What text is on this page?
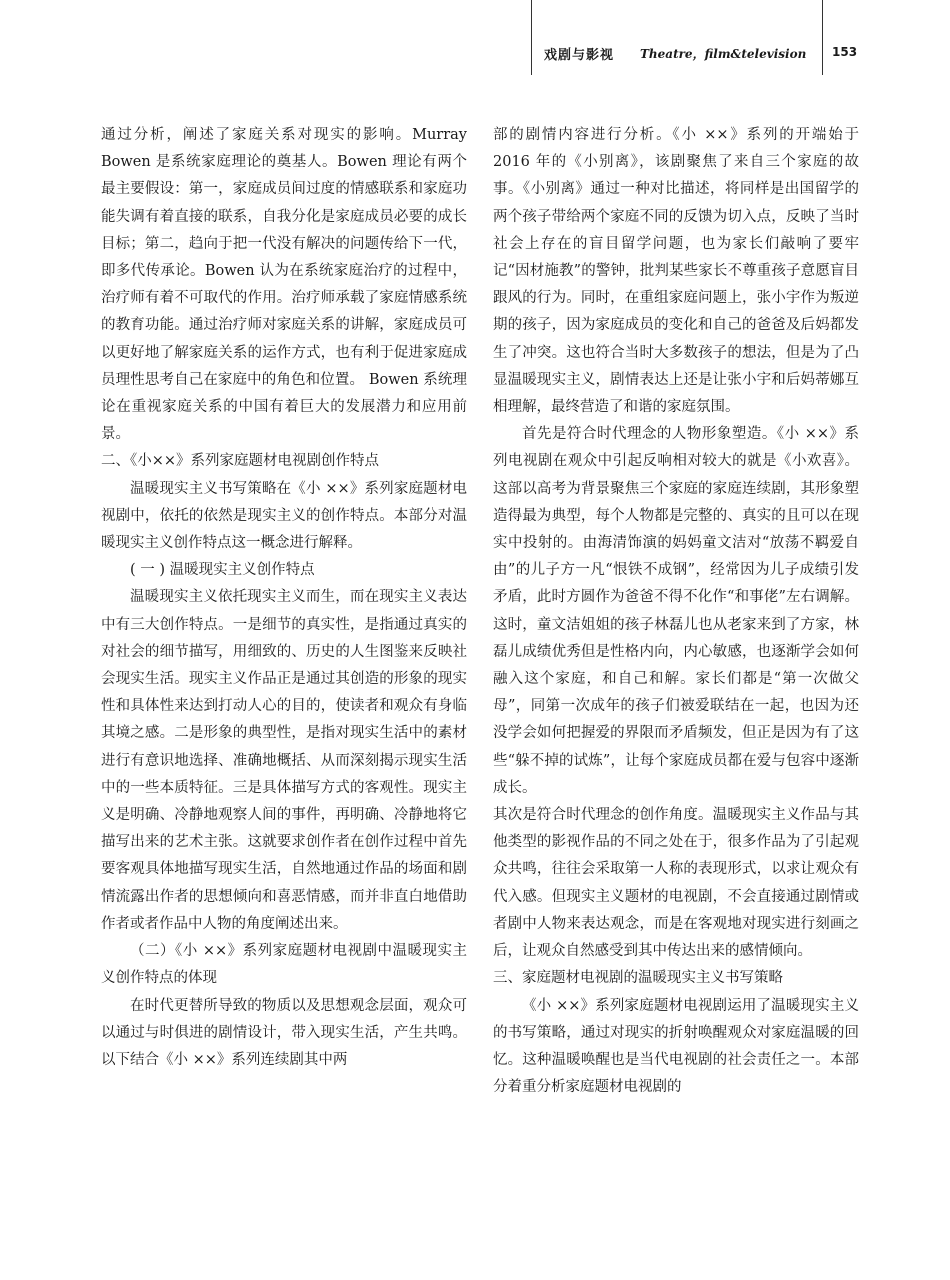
戏剧与影视 Theatre，film&television 153

通过分析，阐述了家庭关系对现实的影响。Murray Bowen 是系统家庭理论的奠基人。Bowen 理论有两个最主要假设：第一，家庭成员间过度的情感联系和家庭功能失调有着直接的联系，自我分化是家庭成员必要的成长目标；第二，趋向于把一代没有解决的问题传给下一代，即多代传承论。Bowen 认为在系统家庭治疗的过程中，治疗师有着不可取代的作用。治疗师承载了家庭情感系统的教育功能。通过治疗师对家庭关系的讲解，家庭成员可以更好地了解家庭关系的运作方式，也有利于促进家庭成员理性思考自己在家庭中的角色和位置。 Bowen 系统理论在重视家庭关系的中国有着巨大的发展潜力和应用前景。

二、《小××》系列家庭题材电视剧创作特点

温暖现实主义书写策略在《小 ××》系列家庭题材电视剧中，依托的依然是现实主义的创作特点。本部分对温暖现实主义创作特点这一概念进行解释。

( 一 ) 温暖现实主义创作特点

温暖现实主义依托现实主义而生，而在现实主义表达中有三大创作特点。一是细节的真实性，是指通过真实的对社会的细节描写，用细致的、历史的人生图鉴来反映社会现实生活。现实主义作品正是通过其创造的形象的现实性和具体性来达到打动人心的目的，使读者和观众有身临其境之感。二是形象的典型性，是指对现实生活中的素材进行有意识地选择、准确地概括、从而深刻揭示现实生活中的一些本质特征。三是具体描写方式的客观性。现实主义是明确、冷静地观察人间的事件，再明确、冷静地将它描写出来的艺术主张。这就要求创作者在创作过程中首先要客观具体地描写现实生活，自然地通过作品的场面和剧情流露出作者的思想倾向和喜恶情感，而并非直白地借助作者或者作品中人物的角度阐述出来。

（二）《小 ××》系列家庭题材电视剧中温暖现实主义创作特点的体现

在时代更替所导致的物质以及思想观念层面，观众可以通过与时俱进的剧情设计，带入现实生活，产生共鸣。以下结合《小 ××》系列连续剧其中两

部的剧情内容进行分析。《小 ××》系列的开端始于 2016 年的《小别离》，该剧聚焦了来自三个家庭的故事。《小别离》通过一种对比描述，将同样是出国留学的两个孩子带给两个家庭不同的反馈为切入点，反映了当时社会上存在的盲目留学问题，也为家长们敲响了要牢记“因材施教”的警钟，批判某些家长不尊重孩子意愿盲目跟风的行为。同时，在重组家庭问题上，张小宇作为叛逆期的孩子，因为家庭成员的变化和自己的爸爸及后妈都发生了冲突。这也符合当时大多数孩子的想法，但是为了凸显温暖现实主义，剧情表达上还是让张小宇和后妈蒂娜互相理解，最终营造了和谐的家庭氛围。

首先是符合时代理念的人物形象塑造。《小 ××》系列电视剧在观众中引起反响相对较大的就是《小欢喜》。这部以高考为背景聚焦三个家庭的家庭连续剧，其形象塑造得最为典型，每个人物都是完整的、真实的且可以在现实中投射的。由海清饰演的妈妈童文洁对“放荡不羁爱自由”的儿子方一凡“恨铁不成钢”，经常因为儿子成绩引发矛盾，此时方圆作为爸爸不得不化作“和事佬”左右调解。这时，童文洁姐姐的孩子林磊儿也从老家来到了方家，林磊儿成绩优秀但是性格内向，内心敏感，也逐渐学会如何融入这个家庭，和自己和解。家长们都是“第一次做父母”，同第一次成年的孩子们被爱联结在一起，也因为还没学会如何把握爱的界限而矛盾频发，但正是因为有了这些“躲不掉的试炼”，让每个家庭成员都在爱与包容中逐渐成长。

其次是符合时代理念的创作角度。温暖现实主义作品与其他类型的影视作品的不同之处在于，很多作品为了引起观众共鸣，往往会采取第一人称的表现形式，以求让观众有代入感。但现实主义题材的电视剧，不会直接通过剧情或者剧中人物来表达观念，而是在客观地对现实进行刻画之后，让观众自然感受到其中传达出来的感情倾向。

三、家庭题材电视剧的温暖现实主义书写策略

《小 ××》系列家庭题材电视剧运用了温暖现实主义的书写策略，通过对现实的折射唤醒观众对家庭温暖的回忆。这种温暖唤醒也是当代电视剧的社会责任之一。本部分着重分析家庭题材电视剧的
